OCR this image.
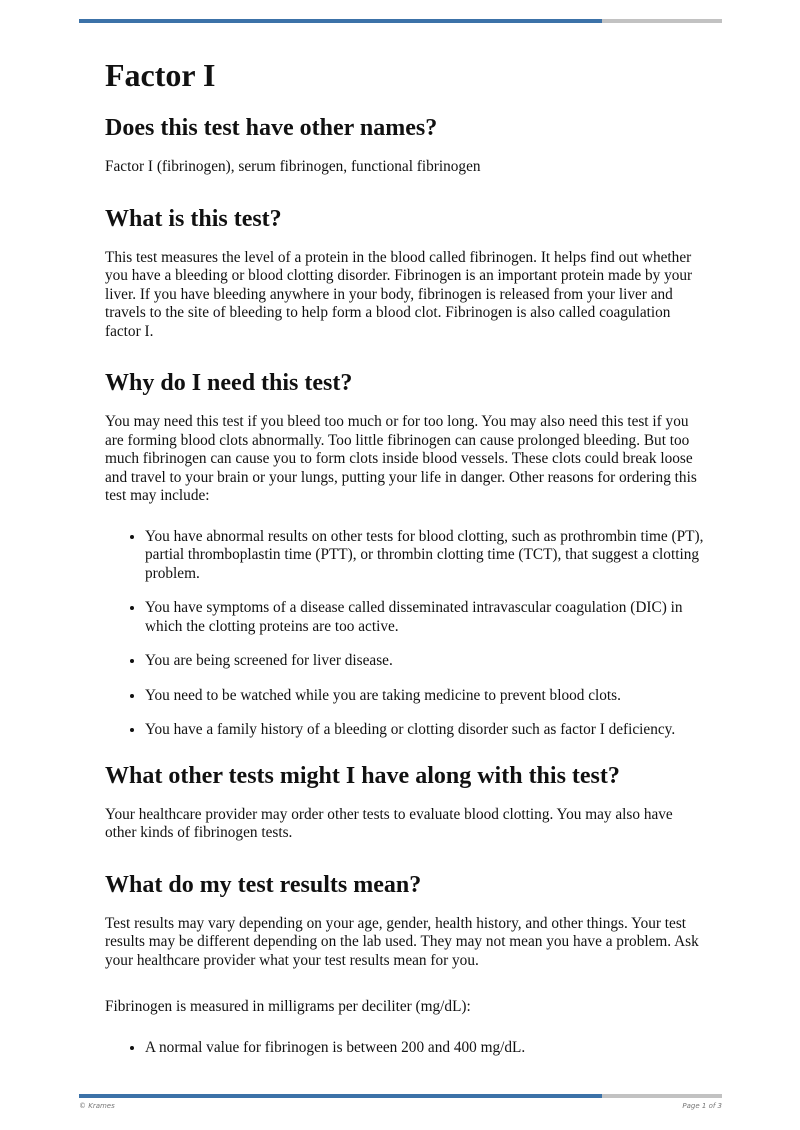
Factor I
Does this test have other names?

Factor I (fibrinogen), serum fibrinogen, functional fibrinogen

What is this test?

This test measures the level of a protein in the blood called fibrinogen. It helps find out whether you have a bleeding or blood clotting disorder. Fibrinogen is an important protein made by your liver. If you have bleeding anywhere in your body, fibrinogen is released from your liver and travels to the site of bleeding to help form a blood clot. Fibrinogen is also called coagulation factor I.

Why do I need this test?

You may need this test if you bleed too much or for too long. You may also need this test if you are forming blood clots abnormally. Too little fibrinogen can cause prolonged bleeding. But too much fibrinogen can cause you to form clots inside blood vessels. These clots could break loose and travel to your brain or your lungs, putting your life in danger. Other reasons for ordering this test may include:

• You have abnormal results on other tests for blood clotting, such as prothrombin time (PT), partial thromboplastin time (PTT), or thrombin clotting time (TCT), that suggest a clotting problem.
• You have symptoms of a disease called disseminated intravascular coagulation (DIC) in which the clotting proteins are too active.
• You are being screened for liver disease.
• You need to be watched while you are taking medicine to prevent blood clots.
• You have a family history of a bleeding or clotting disorder such as factor I deficiency.
What other tests might I have along with this test?

Your healthcare provider may order other tests to evaluate blood clotting. You may also have other kinds of fibrinogen tests.

What do my test results mean?

Test results may vary depending on your age, gender, health history, and other things. Your test results may be different depending on the lab used. They may not mean you have a problem. Ask your healthcare provider what your test results mean for you.

Fibrinogen is measured in milligrams per deciliter (mg/dL):

• A normal value for fibrinogen is between 200 and 400 mg/dL.
© Krames	Page 1 of 3
